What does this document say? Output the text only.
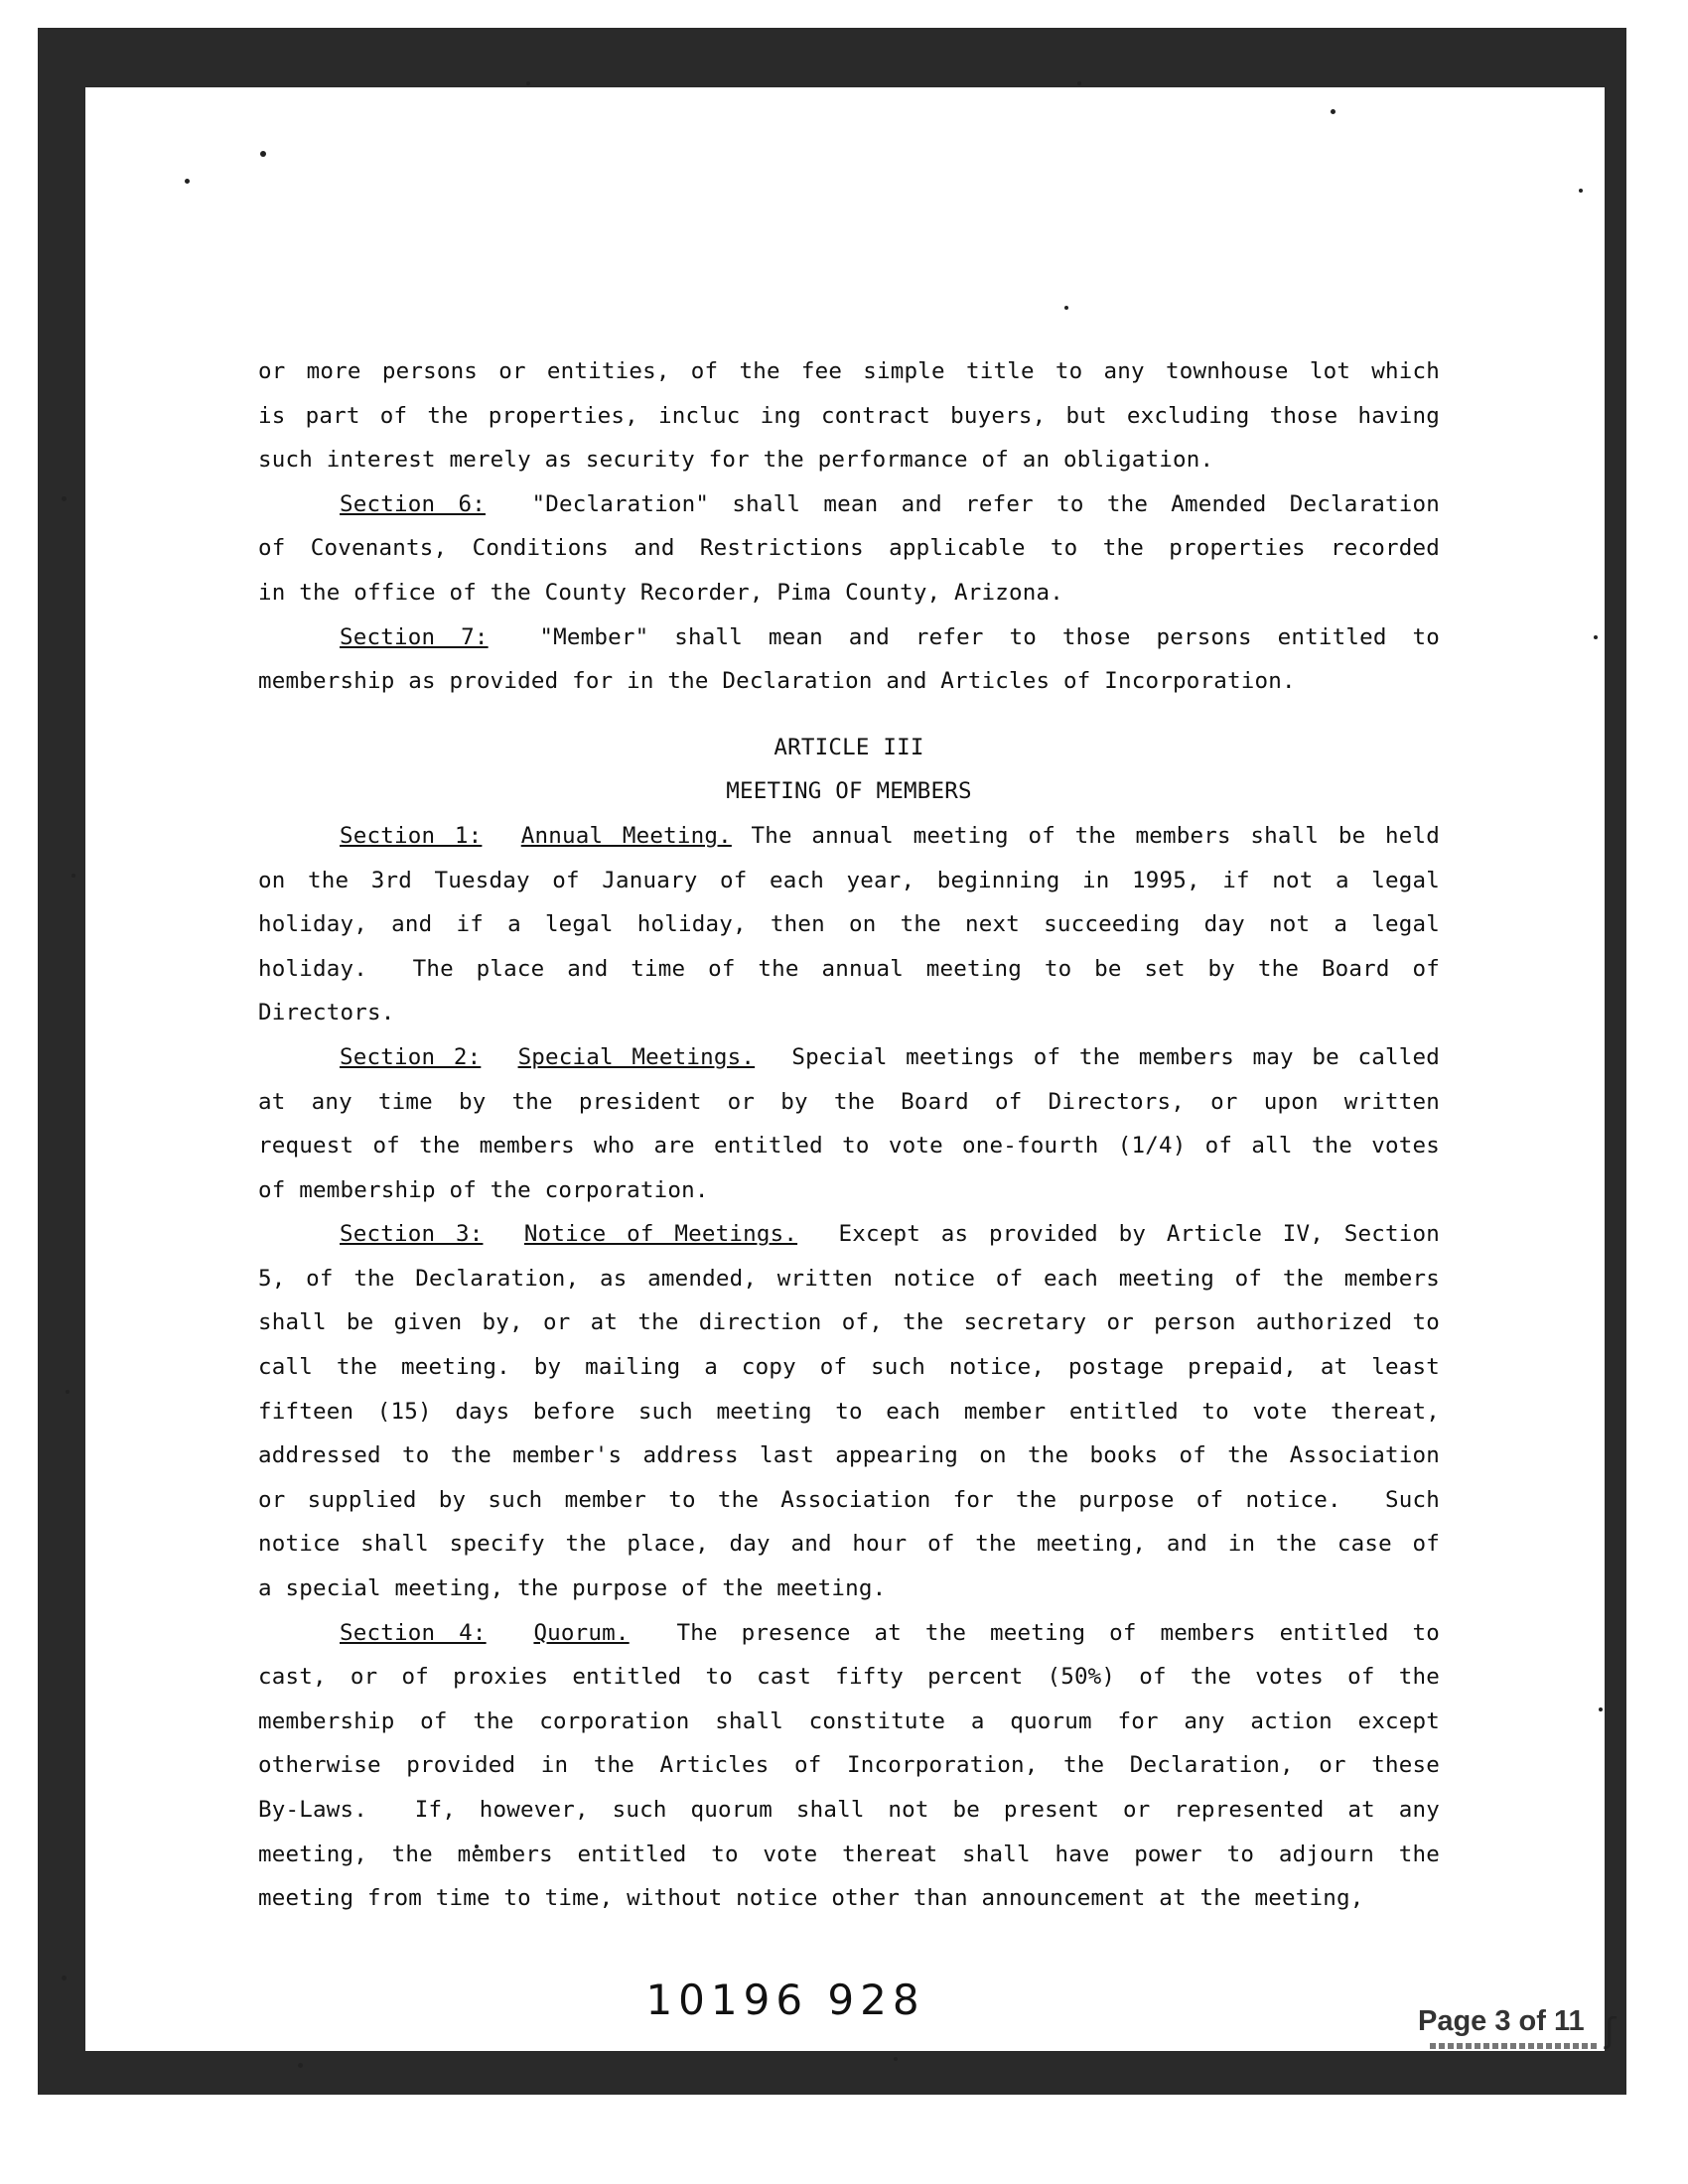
or more persons or entities, of the fee simple title to any townhouse lot which
is part of the properties, incluc ing contract buyers, but excluding those having
such interest merely as security for the performance of an obligation.
Section 6:  "Declaration" shall mean and refer to the Amended Declaration
of Covenants, Conditions and Restrictions applicable to the properties recorded
in the office of the County Recorder, Pima County, Arizona.
Section 7:  "Member" shall mean and refer to those persons entitled to
membership as provided for in the Declaration and Articles of Incorporation.
ARTICLE III
MEETING OF MEMBERS
Section 1: Annual Meeting. The annual meeting of the members shall be held
on the 3rd Tuesday of January of each year, beginning in 1995, if not a legal
holiday, and if a legal holiday, then on the next succeeding day not a legal
holiday.  The place and time of the annual meeting to be set by the Board of
Directors.
Section 2: Special Meetings.  Special meetings of the members may be called
at any time by the president or by the Board of Directors, or upon written
request of the members who are entitled to vote one-fourth (1/4) of all the votes
of membership of the corporation.
Section 3: Notice of Meetings.  Except as provided by Article IV, Section
5, of the Declaration, as amended, written notice of each meeting of the members
shall be given by, or at the direction of, the secretary or person authorized to
call the meeting. by mailing a copy of such notice, postage prepaid, at least
fifteen (15) days before such meeting to each member entitled to vote thereat,
addressed to the member's address last appearing on the books of the Association
or supplied by such member to the Association for the purpose of notice.  Such
notice shall specify the place, day and hour of the meeting, and in the case of
a special meeting, the purpose of the meeting.
Section 4: Quorum.  The presence at the meeting of members entitled to
cast, or of proxies entitled to cast fifty percent (50%) of the votes of the
membership of the corporation shall constitute a quorum for any action except
otherwise provided in the Articles of Incorporation, the Declaration, or these
By-Laws.  If, however, such quorum shall not be present or represented at any
meeting, the members entitled to vote thereat shall have power to adjourn the
meeting from time to time, without notice other than announcement at the meeting,
10196 928	Page 3 of 11 ʃ
